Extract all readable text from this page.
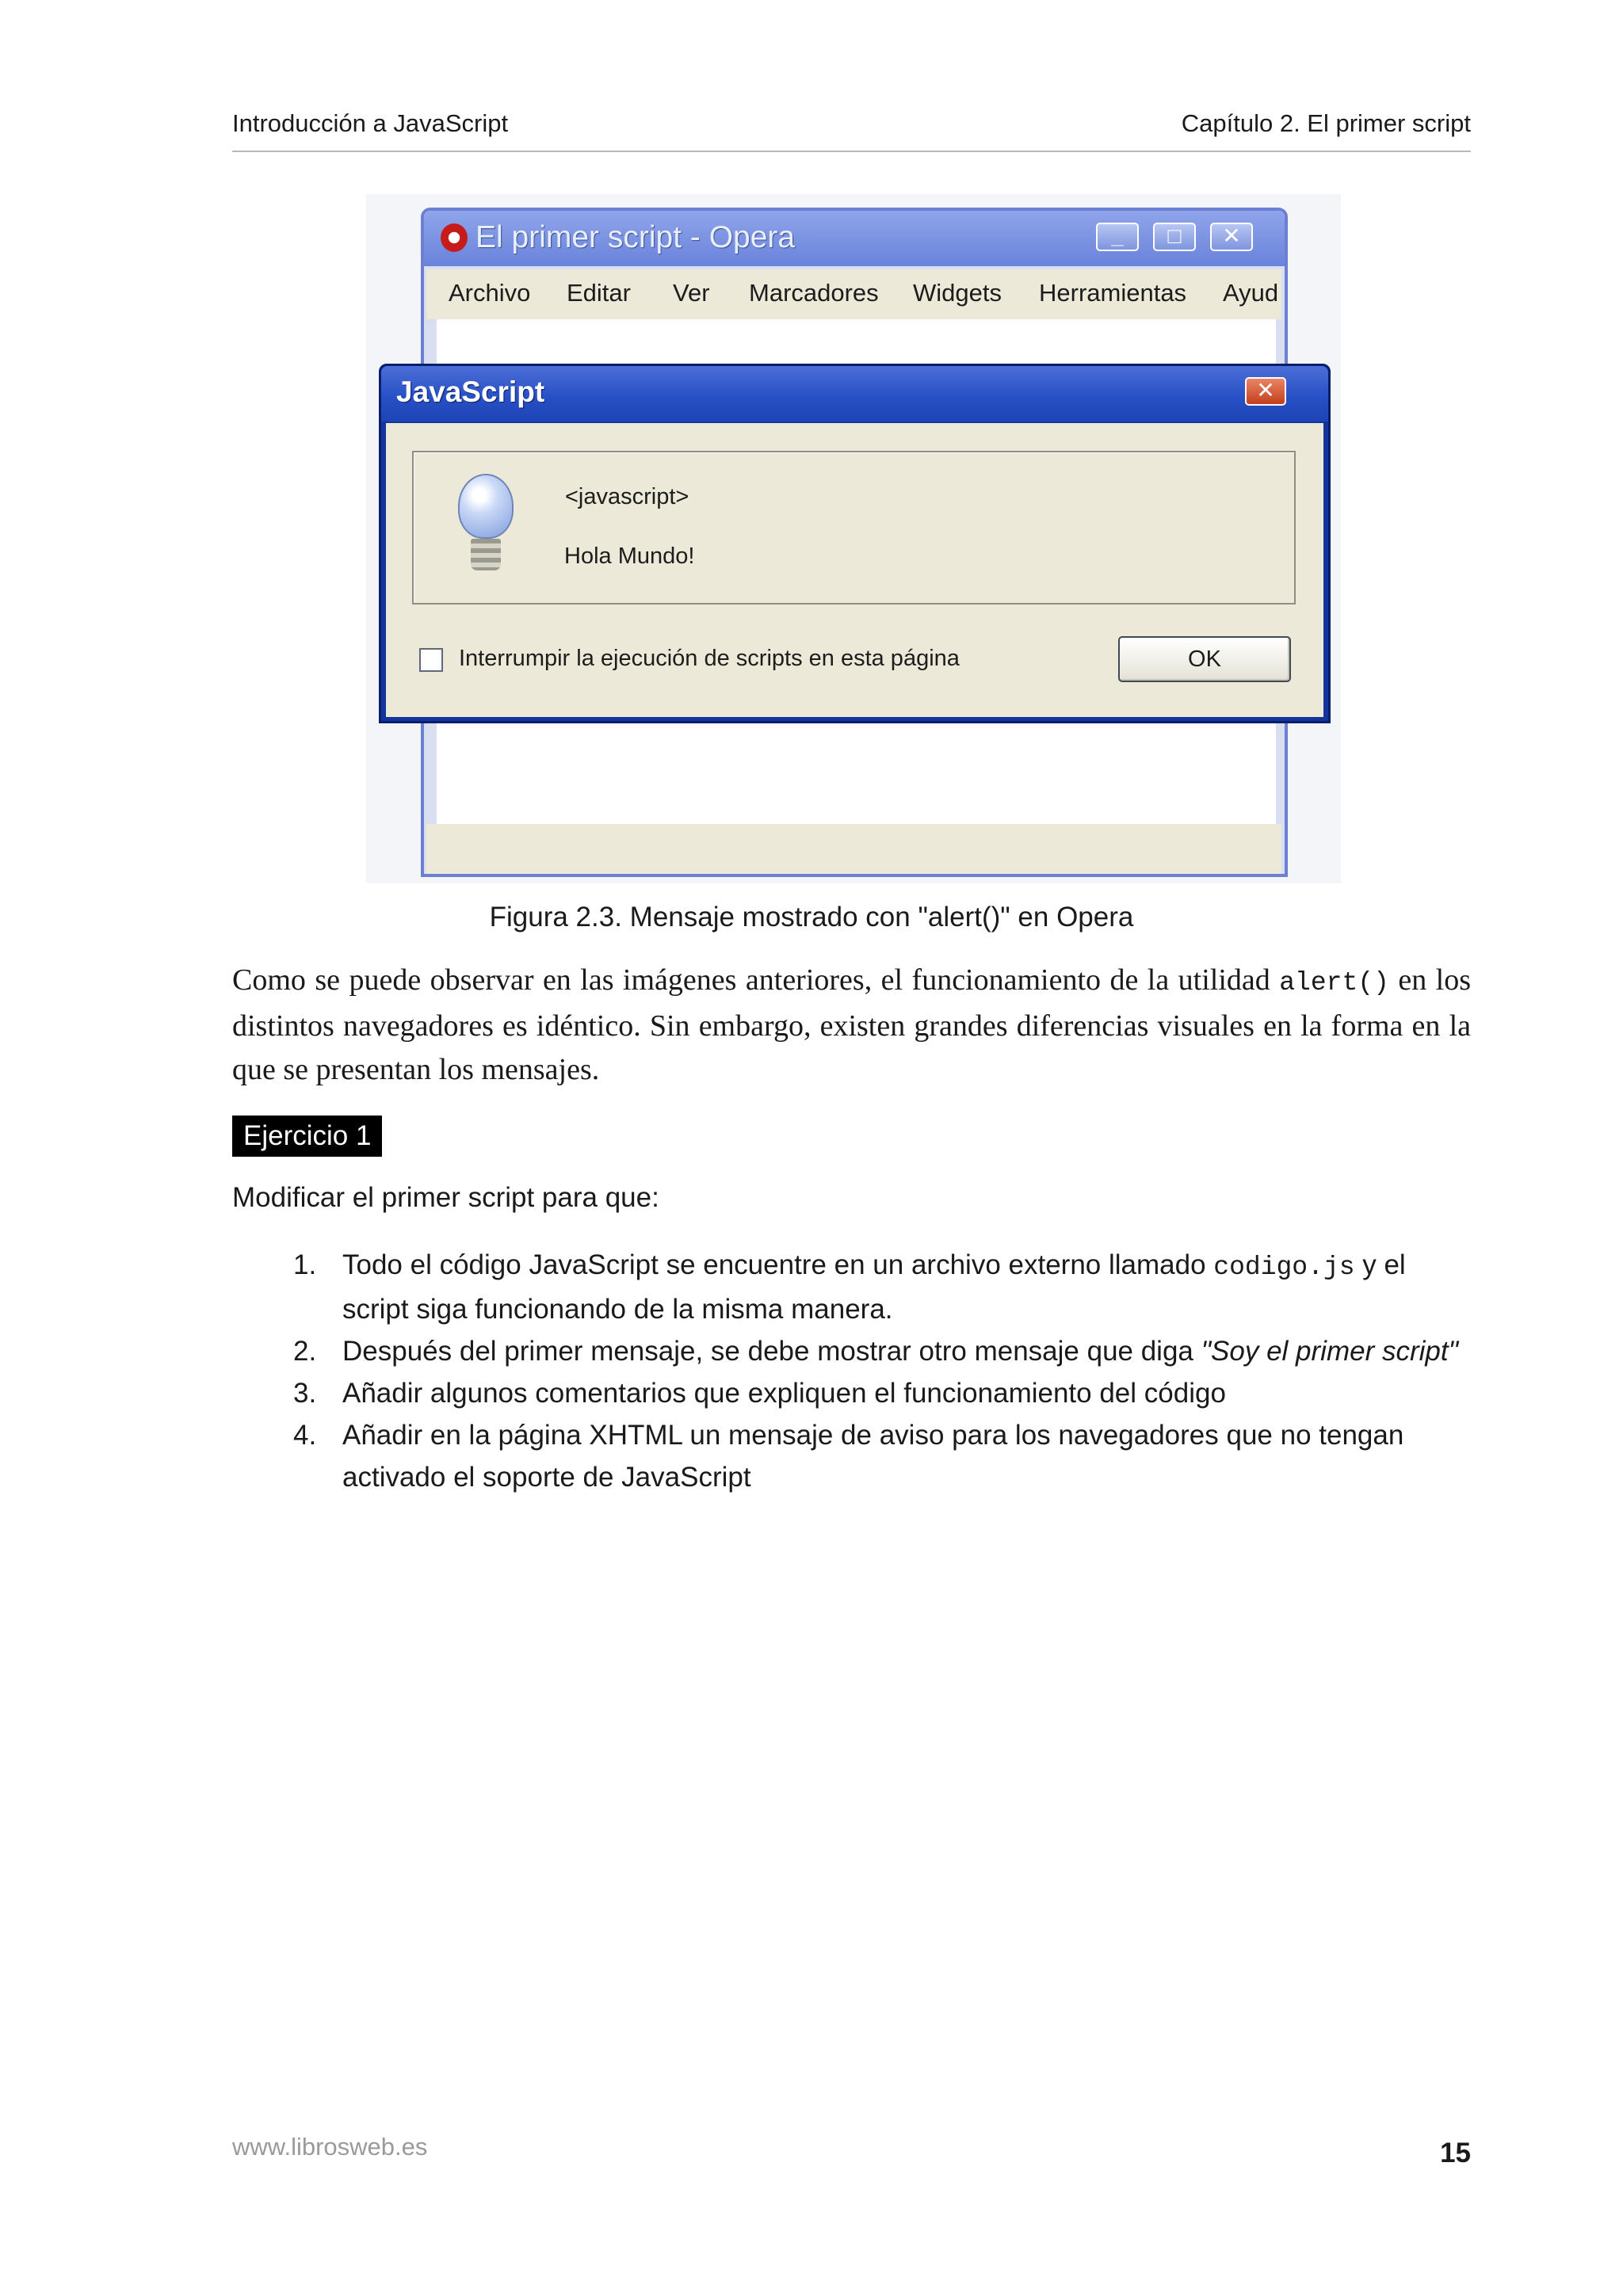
Introducción a JavaScript	Capítulo 2. El primer script
El primer script - Opera	_	□	✕
Archivo Editar Ver Marcadores Widgets Herramientas Ayud
JavaScript	✕
<javascript>
Hola Mundo!
Interrumpir la ejecución de scripts en esta página	OK
Figura 2.3. Mensaje mostrado con "alert()" en Opera
Como se puede observar en las imágenes anteriores, el funcionamiento de la utilidad alert() en los distintos navegadores es idéntico. Sin embargo, existen grandes diferencias visuales en la forma en la que se presentan los mensajes.
Ejercicio 1
Modificar el primer script para que:
1. Todo el código JavaScript se encuentre en un archivo externo llamado codigo.js y el script siga funcionando de la misma manera.
2. Después del primer mensaje, se debe mostrar otro mensaje que diga "Soy el primer script"
3. Añadir algunos comentarios que expliquen el funcionamiento del código
4. Añadir en la página XHTML un mensaje de aviso para los navegadores que no tengan activado el soporte de JavaScript
www.librosweb.es	15
